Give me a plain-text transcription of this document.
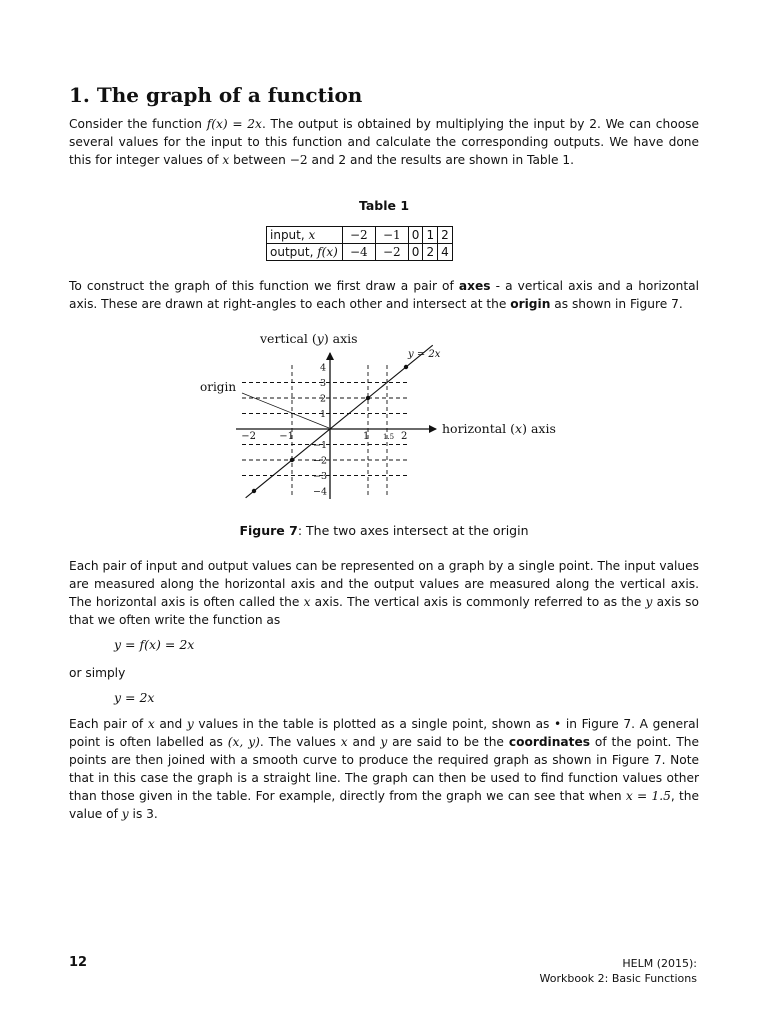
1. The graph of a function

Consider the function f(x) = 2x. The output is obtained by multiplying the input by 2. We can choose several values for the input to this function and calculate the corresponding outputs. We have done this for integer values of x between −2 and 2 and the results are shown in Table 1.

Table 1

input, x	−2	−1	0	1	2
output, f(x)	−4	−2	0	2	4

To construct the graph of this function we first draw a pair of axes - a vertical axis and a horizontal axis. These are drawn at right-angles to each other and intersect at the origin as shown in Figure 7.

−2 −1	1 1.5 2
4
3
2
1
−1
−2
−3
−4
origin
vertical (y) axis
horizontal (x) axis
y = 2x

Figure 7: The two axes intersect at the origin

Each pair of input and output values can be represented on a graph by a single point. The input values are measured along the horizontal axis and the output values are measured along the vertical axis. The horizontal axis is often called the x axis. The vertical axis is commonly referred to as the y axis so that we often write the function as

y = f(x) = 2x

or simply

y = 2x

Each pair of x and y values in the table is plotted as a single point, shown as • in Figure 7. A general point is often labelled as (x, y). The values x and y are said to be the coordinates of the point. The points are then joined with a smooth curve to produce the required graph as shown in Figure 7. Note that in this case the graph is a straight line. The graph can then be used to find function values other than those given in the table. For example, directly from the graph we can see that when x = 1.5, the value of y is 3.

12	HELM (2015):
Workbook 2: Basic Functions
